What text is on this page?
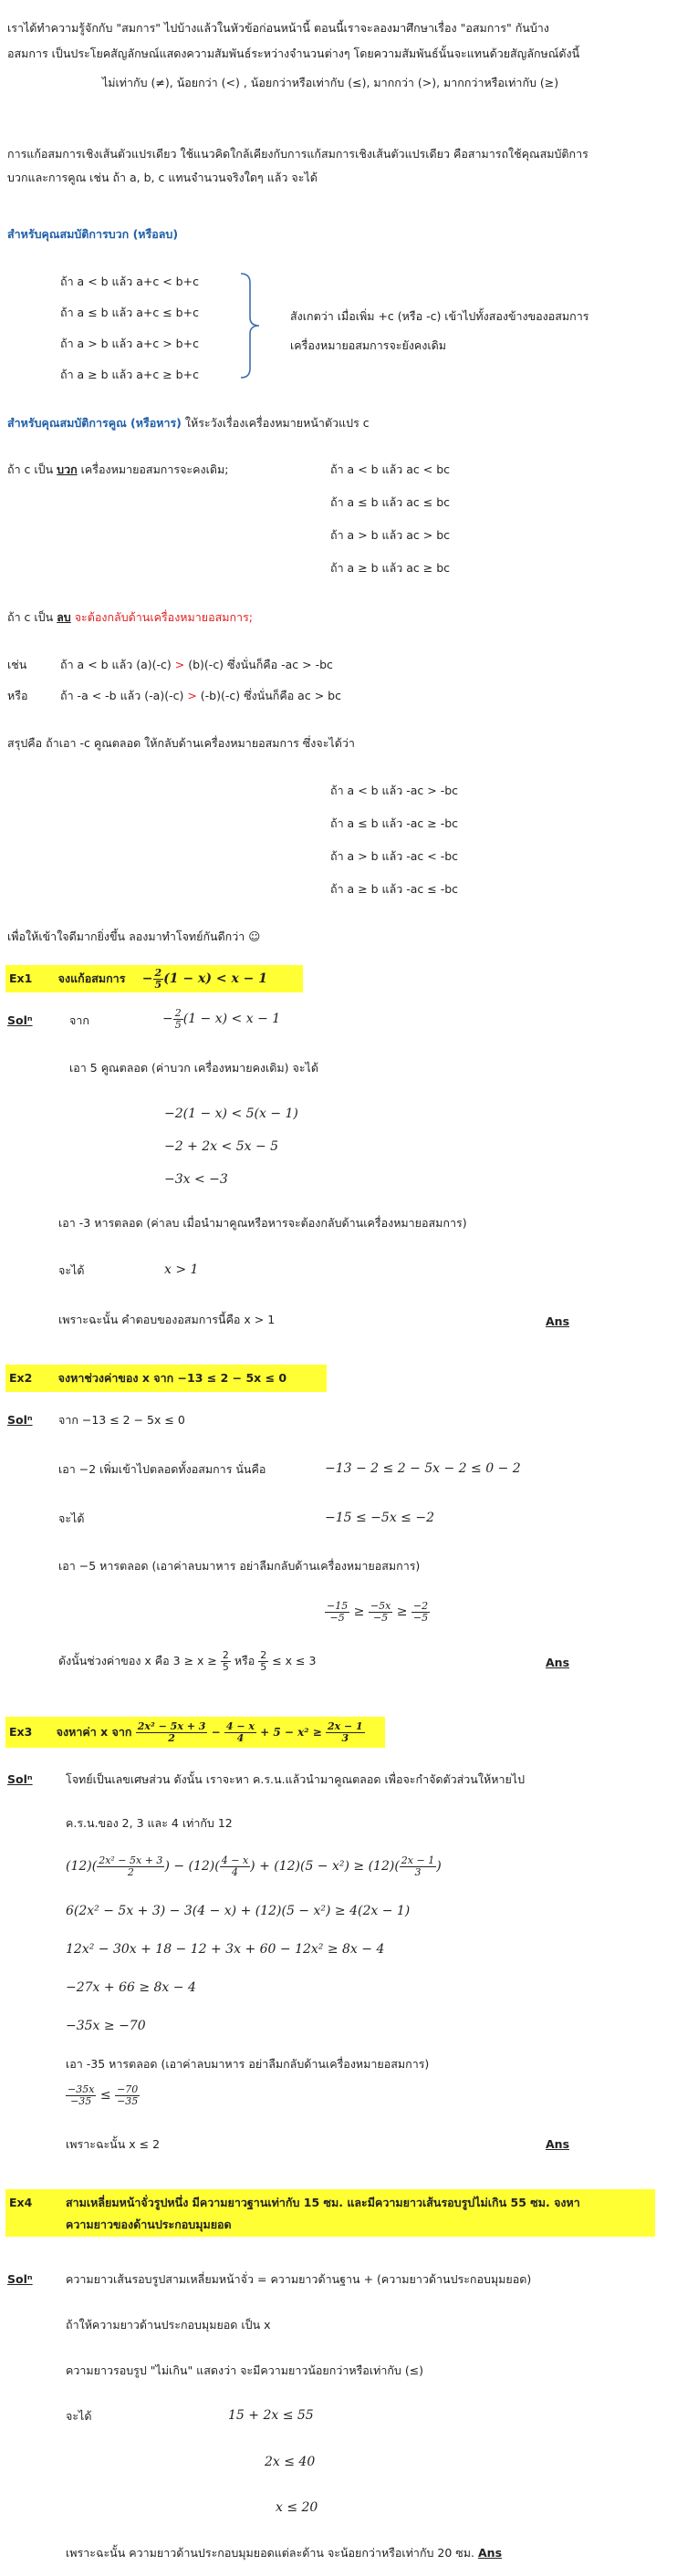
เราได้ทำความรู้จักกับ "สมการ" ไปบ้างแล้วในหัวข้อก่อนหน้านี้ ตอนนี้เราจะลองมาศึกษาเรื่อง "อสมการ" กันบ้าง
อสมการ เป็นประโยคสัญลักษณ์แสดงความสัมพันธ์ระหว่างจำนวนต่างๆ โดยความสัมพันธ์นั้นจะแทนด้วยสัญลักษณ์ดังนี้
ไม่เท่ากับ (≠), น้อยกว่า (<) , น้อยกว่าหรือเท่ากับ (≤), มากกว่า (>), มากกว่าหรือเท่ากับ (≥)
การแก้อสมการเชิงเส้นตัวแปรเดียว ใช้แนวคิดใกล้เคียงกับการแก้สมการเชิงเส้นตัวแปรเดียว คือสามารถใช้คุณสมบัติการ
บวกและการคูณ เช่น ถ้า a, b, c แทนจำนวนจริงใดๆ แล้ว จะได้
สำหรับคุณสมบัติการบวก (หรือลบ)
ถ้า a < b แล้ว a+c < b+c
ถ้า a ≤ b แล้ว a+c ≤ b+c
ถ้า a > b แล้ว a+c > b+c
ถ้า a ≥ b แล้ว a+c ≥ b+c
สังเกตว่า เมื่อเพิ่ม +c (หรือ -c) เข้าไปทั้งสองข้างของอสมการ
เครื่องหมายอสมการจะยังคงเดิม
สำหรับคุณสมบัติการคูณ (หรือหาร) ให้ระวังเรื่องเครื่องหมายหน้าตัวแปร c
ถ้า c เป็น บวก เครื่องหมายอสมการจะคงเดิม;	ถ้า a < b แล้ว ac < bc
ถ้า a ≤ b แล้ว ac ≤ bc
ถ้า a > b แล้ว ac > bc
ถ้า a ≥ b แล้ว ac ≥ bc
ถ้า c เป็น ลบ จะต้องกลับด้านเครื่องหมายอสมการ;
เช่น	ถ้า a < b แล้ว (a)(-c) > (b)(-c) ซึ่งนั่นก็คือ -ac > -bc
หรือ	ถ้า -a < -b แล้ว (-a)(-c) > (-b)(-c) ซึ่งนั่นก็คือ ac > bc
สรุปคือ ถ้าเอา -c คูณตลอด ให้กลับด้านเครื่องหมายอสมการ ซึ่งจะได้ว่า
ถ้า a < b แล้ว -ac > -bc
ถ้า a ≤ b แล้ว -ac ≥ -bc
ถ้า a > b แล้ว -ac < -bc
ถ้า a ≥ b แล้ว -ac ≤ -bc
เพื่อให้เข้าใจดีมากยิ่งขึ้น ลองมาทำโจทย์กันดีกว่า ☺
Ex1 จงแก้อสมการ − $\frac{2}{5} (1 - x) < x - 1$
Solⁿ	จาก	− $\frac{2}{5} (1 - x) < x - 1$
เอา 5 คูณตลอด (ค่าบวก เครื่องหมายคงเดิม) จะได้
−2(1 − x) < 5(x − 1)
−2 + 2x < 5x − 5
−3x < −3
เอา -3 หารตลอด (ค่าลบ เมื่อนำมาคูณหรือหารจะต้องกลับด้านเครื่องหมายอสมการ)
จะได้	x > 1
เพราะฉะนั้น คำตอบของอสมการนี้คือ x > 1	Ans
Ex2 จงหาช่วงค่าของ x จาก −13 ≤ 2 − 5x ≤ 0
Solⁿ จาก −13 ≤ 2 − 5x ≤ 0
เอา −2 เพิ่มเข้าไปตลอดทั้งอสมการ นั่นคือ	−13 − 2 ≤ 2 − 5x − 2 ≤ 0 − 2
จะได้	−15 ≤ −5x ≤ −2
เอา −5 หารตลอด (เอาค่าลบมาหาร อย่าลืมกลับด้านเครื่องหมายอสมการ)
$\frac{-15}{-5} \ge \frac{-5x}{-5} \ge \frac{-2}{-5}$
ดังนั้นช่วงค่าของ x คือ $3 \ge x \ge \frac{2}{5}$ หรือ $\frac{2}{5} \le x \le 3$	Ans
Ex3 จงหาค่า x จาก $\frac{\text{2x² − 5x + 3}}{2} - \frac{4 - x}{4} + 5 - x^2 \ge \frac{2x - 1}{3}$
Solⁿ	โจทย์เป็นเลขเศษส่วน ดังนั้น เราจะหา ค.ร.น.แล้วนำมาคูณตลอด เพื่อจะกำจัดตัวส่วนให้หายไป
ค.ร.น.ของ 2, 3 และ 4 เท่ากับ 12
$(12)( \frac{\text{2x² − 5x + 3}}{2}$ ) − $(12)( \frac{4 - x}{4}$ ) + $(12)(5 - x^2) \ge (12)( \frac{2x - 1}{3}$ )
6(2x² − 5x + 3) − 3(4 − x) + (12)(5 − x²) ≥ 4(2x − 1)
12x² − 30x + 18 − 12 + 3x + 60 − 12x² ≥ 8x − 4
−27x + 66 ≥ 8x − 4
−35x ≥ −70
เอา -35 หารตลอด (เอาค่าลบมาหาร อย่าลืมกลับด้านเครื่องหมายอสมการ)
$\frac{-35x}{-35} \le \frac{-70}{-35}$
เพราะฉะนั้น x ≤ 2	Ans
Ex4	สามเหลี่ยมหน้าจั่วรูปหนึ่ง มีความยาวฐานเท่ากับ 15 ซม. และมีความยาวเส้นรอบรูปไม่เกิน 55 ซม. จงหา
ความยาวของด้านประกอบมุมยอด
Solⁿ	ความยาวเส้นรอบรูปสามเหลี่ยมหน้าจั่ว = ความยาวด้านฐาน + (ความยาวด้านประกอบมุมยอด)
ถ้าให้ความยาวด้านประกอบมุมยอด เป็น x
ความยาวรอบรูป "ไม่เกิน" แสดงว่า จะมีความยาวน้อยกว่าหรือเท่ากับ (≤)
จะได้	15 + 2x ≤ 55
2x ≤ 40
x ≤ 20
เพราะฉะนั้น ความยาวด้านประกอบมุมยอดแต่ละด้าน จะน้อยกว่าหรือเท่ากับ 20 ซม. Ans
